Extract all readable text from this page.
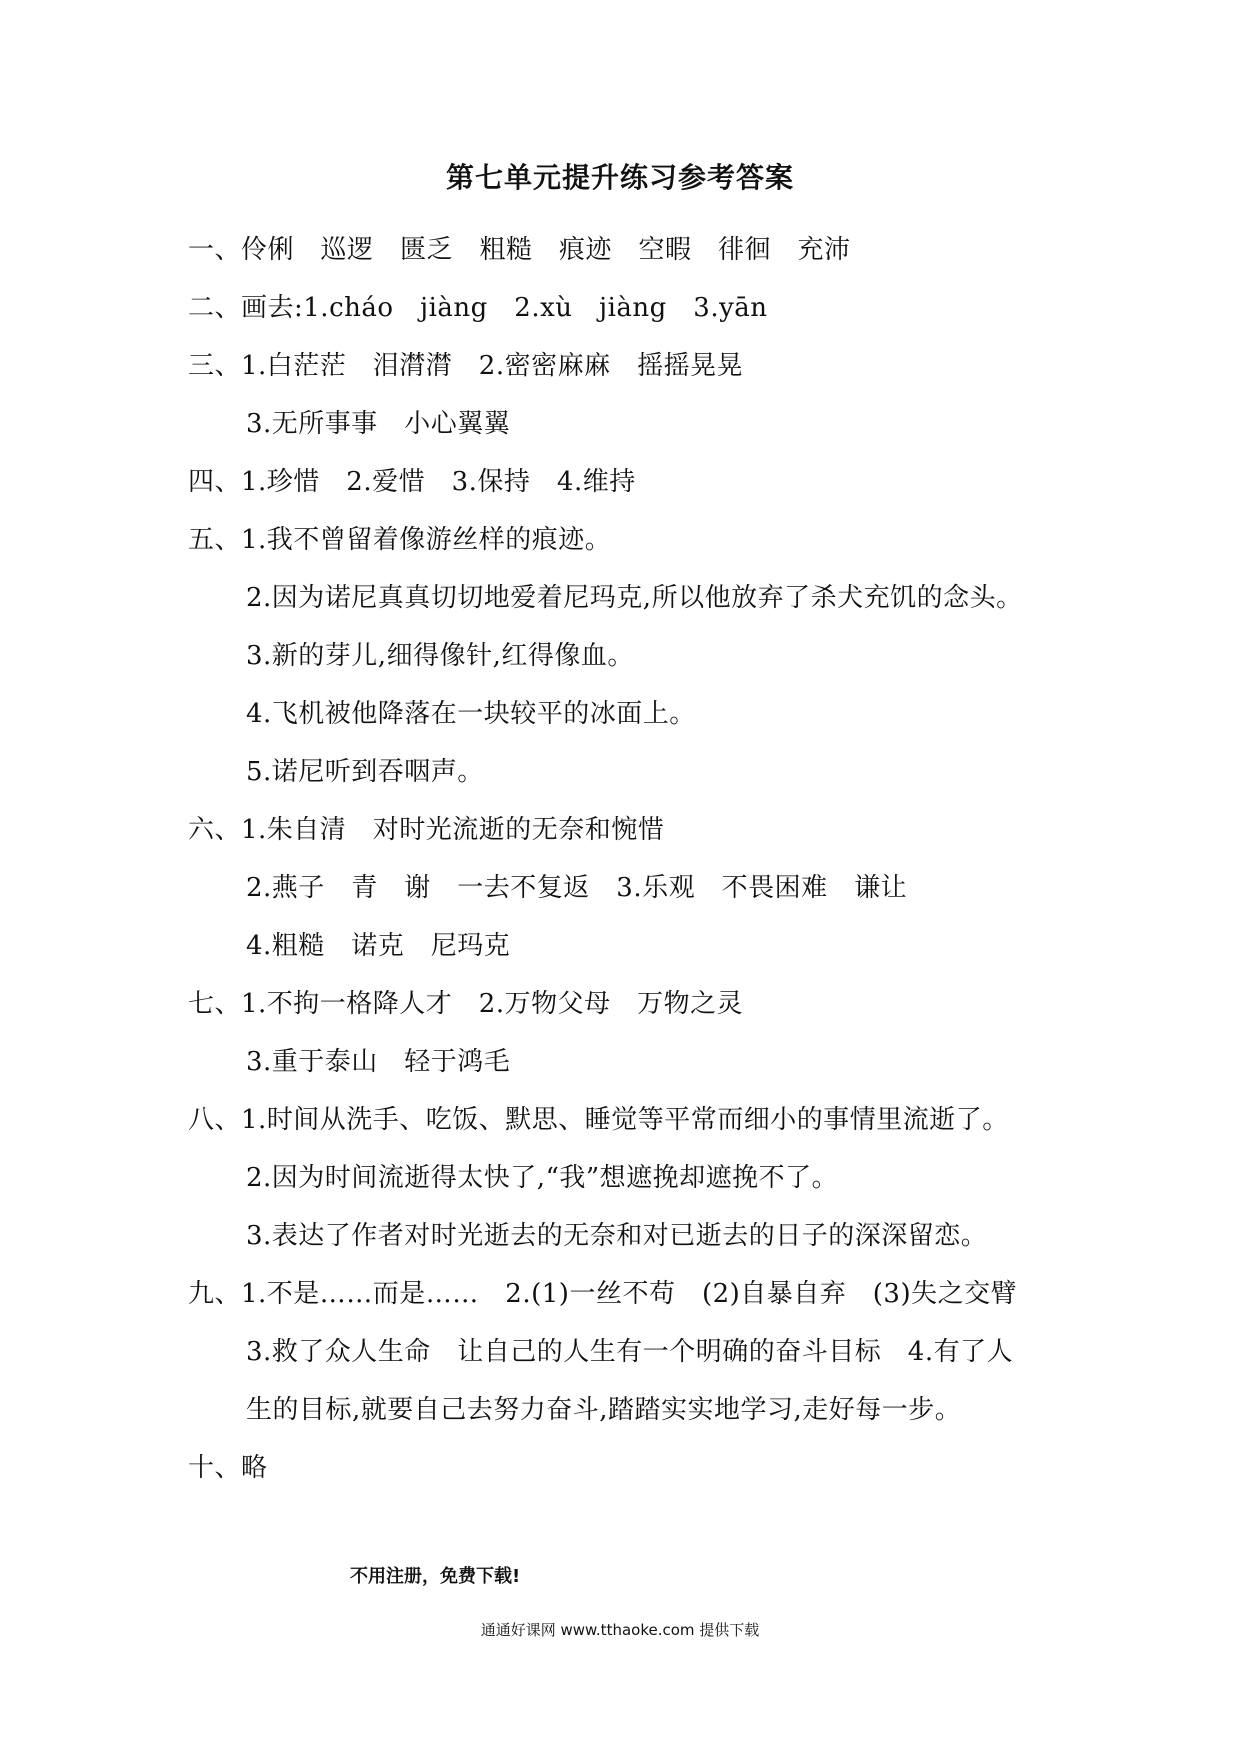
第七单元提升练习参考答案
一、伶俐　巡逻　匮乏　粗糙　痕迹　空暇　徘徊　充沛
二、画去:1.cháo　jiàng　2.xù　jiàng　3.yān
三、1.白茫茫　泪潸潸　2.密密麻麻　摇摇晃晃
3.无所事事　小心翼翼
四、1.珍惜　2.爱惜　3.保持　4.维持
五、1.我不曾留着像游丝样的痕迹。
2.因为诺尼真真切切地爱着尼玛克,所以他放弃了杀犬充饥的念头。
3.新的芽儿,细得像针,红得像血。
4.飞机被他降落在一块较平的冰面上。
5.诺尼听到吞咽声。
六、1.朱自清　对时光流逝的无奈和惋惜
2.燕子　青　谢　一去不复返　3.乐观　不畏困难　谦让
4.粗糙　诺克　尼玛克
七、1.不拘一格降人才　2.万物父母　万物之灵
3.重于泰山　轻于鸿毛
八、1.时间从洗手、吃饭、默思、睡觉等平常而细小的事情里流逝了。
2.因为时间流逝得太快了,“我”想遮挽却遮挽不了。
3.表达了作者对时光逝去的无奈和对已逝去的日子的深深留恋。
九、1.不是……而是……　2.(1)一丝不苟　(2)自暴自弃　(3)失之交臂
3.救了众人生命　让自己的人生有一个明确的奋斗目标　4.有了人
生的目标,就要自己去努力奋斗,踏踏实实地学习,走好每一步。
十、略
不用注册，免费下载!
通通好课网 www.tthaoke.com 提供下载
